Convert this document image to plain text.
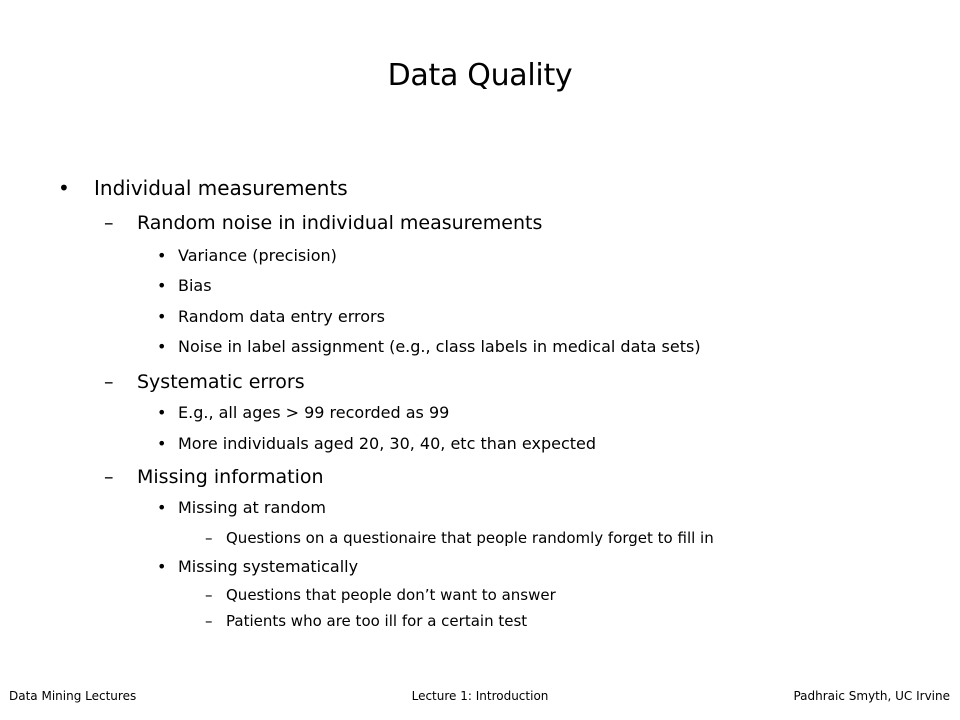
Data Quality
• Individual measurements
– Random noise in individual measurements
• Variance (precision)
• Bias
• Random data entry errors
• Noise in label assignment (e.g., class labels in medical data sets)
– Systematic errors
• E.g., all ages > 99 recorded as 99
• More individuals aged 20, 30, 40, etc than expected
– Missing information
• Missing at random
– Questions on a questionaire that people randomly forget to fill in
• Missing systematically
– Questions that people don’t want to answer
– Patients who are too ill for a certain test
Data Mining Lectures	Lecture 1: Introduction	Padhraic Smyth, UC Irvine
